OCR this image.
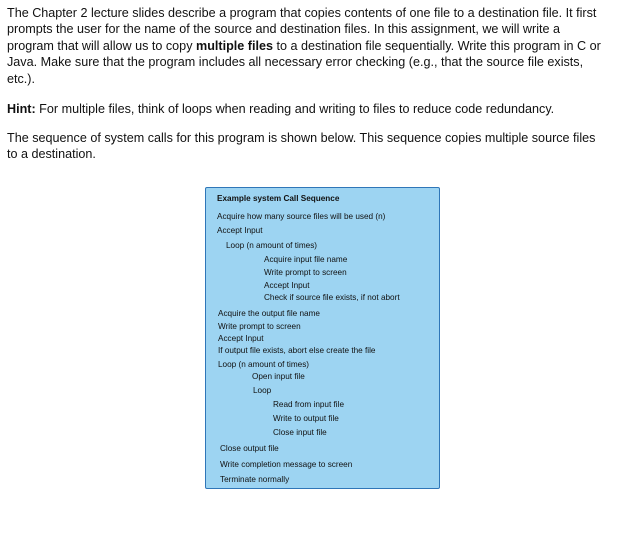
The Chapter 2 lecture slides describe a program that copies contents of one file to a destination file. It first prompts the user for the name of the source and destination files. In this assignment, we will write a program that will allow us to copy multiple files to a destination file sequentially. Write this program in C or Java. Make sure that the program includes all necessary error checking (e.g., that the source file exists, etc.).

Hint: For multiple files, think of loops when reading and writing to files to reduce code redundancy.

The sequence of system calls for this program is shown below. This sequence copies multiple source files to a destination.

Example system Call Sequence
Acquire how many source files will be used (n)
Accept Input
Loop (n amount of times)
Acquire input file name
Write prompt to screen
Accept Input
Check if source file exists, if not abort
Acquire the output file name
Write prompt to screen
Accept Input
If output file exists, abort else create the file
Loop (n amount of times)
Open input file
Loop
Read from input file
Write to output file
Close input file
Close output file
Write completion message to screen
Terminate normally
